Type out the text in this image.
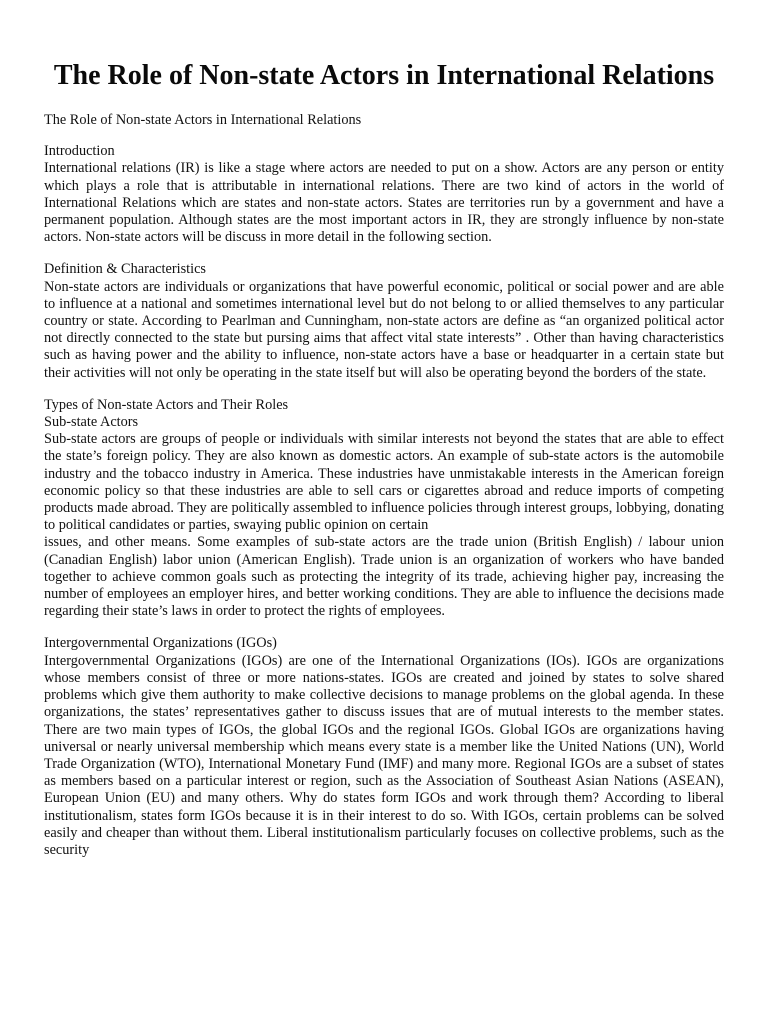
The Role of Non-state Actors in International Relations
The Role of Non-state Actors in International Relations
Introduction

International relations (IR) is like a stage where actors are needed to put on a show. Actors are any person or entity which plays a role that is attributable in international relations. There are two kind of actors in the world of International Relations which are states and non-state actors. States are territories run by a government and have a permanent population. Although states are the most important actors in IR, they are strongly influence by non-state actors. Non-state actors will be discuss in more detail in the following section.

Definition & Characteristics

Non-state actors are individuals or organizations that have powerful economic, political or social power and are able to influence at a national and sometimes international level but do not belong to or allied themselves to any particular country or state. According to Pearlman and Cunningham, non-state actors are define as “an organized political actor not directly connected to the state but pursing aims that affect vital state interests” . Other than having characteristics such as having power and the ability to influence, non-state actors have a base or headquarter in a certain state but their activities will not only be operating in the state itself but will also be operating beyond the borders of the state.

Types of Non-state Actors and Their Roles
Sub-state Actors

Sub-state actors are groups of people or individuals with similar interests not beyond the states that are able to effect the state’s foreign policy. They are also known as domestic actors. An example of sub-state actors is the automobile industry and the tobacco industry in America. These industries have unmistakable interests in the American foreign economic policy so that these industries are able to sell cars or cigarettes abroad and reduce imports of competing products made abroad. They are politically assembled to influence policies through interest groups, lobbying, donating to political candidates or parties, swaying public opinion on certain

issues, and other means. Some examples of sub-state actors are the trade union (British English) / labour union (Canadian English) labor union (American English). Trade union is an organization of workers who have banded together to achieve common goals such as protecting the integrity of its trade, achieving higher pay, increasing the number of employees an employer hires, and better working conditions. They are able to influence the decisions made regarding their state’s laws in order to protect the rights of employees.

Intergovernmental Organizations (IGOs)

Intergovernmental Organizations (IGOs) are one of the International Organizations (IOs). IGOs are organizations whose members consist of three or more nations-states. IGOs are created and joined by states to solve shared problems which give them authority to make collective decisions to manage problems on the global agenda. In these organizations, the states’ representatives gather to discuss issues that are of mutual interests to the member states. There are two main types of IGOs, the global IGOs and the regional IGOs. Global IGOs are organizations having universal or nearly universal membership which means every state is a member like the United Nations (UN), World Trade Organization (WTO), International Monetary Fund (IMF) and many more. Regional IGOs are a subset of states as members based on a particular interest or region, such as the Association of Southeast Asian Nations (ASEAN), European Union (EU) and many others. Why do states form IGOs and work through them? According to liberal institutionalism, states form IGOs because it is in their interest to do so. With IGOs, certain problems can be solved easily and cheaper than without them. Liberal institutionalism particularly focuses on collective problems, such as the security
